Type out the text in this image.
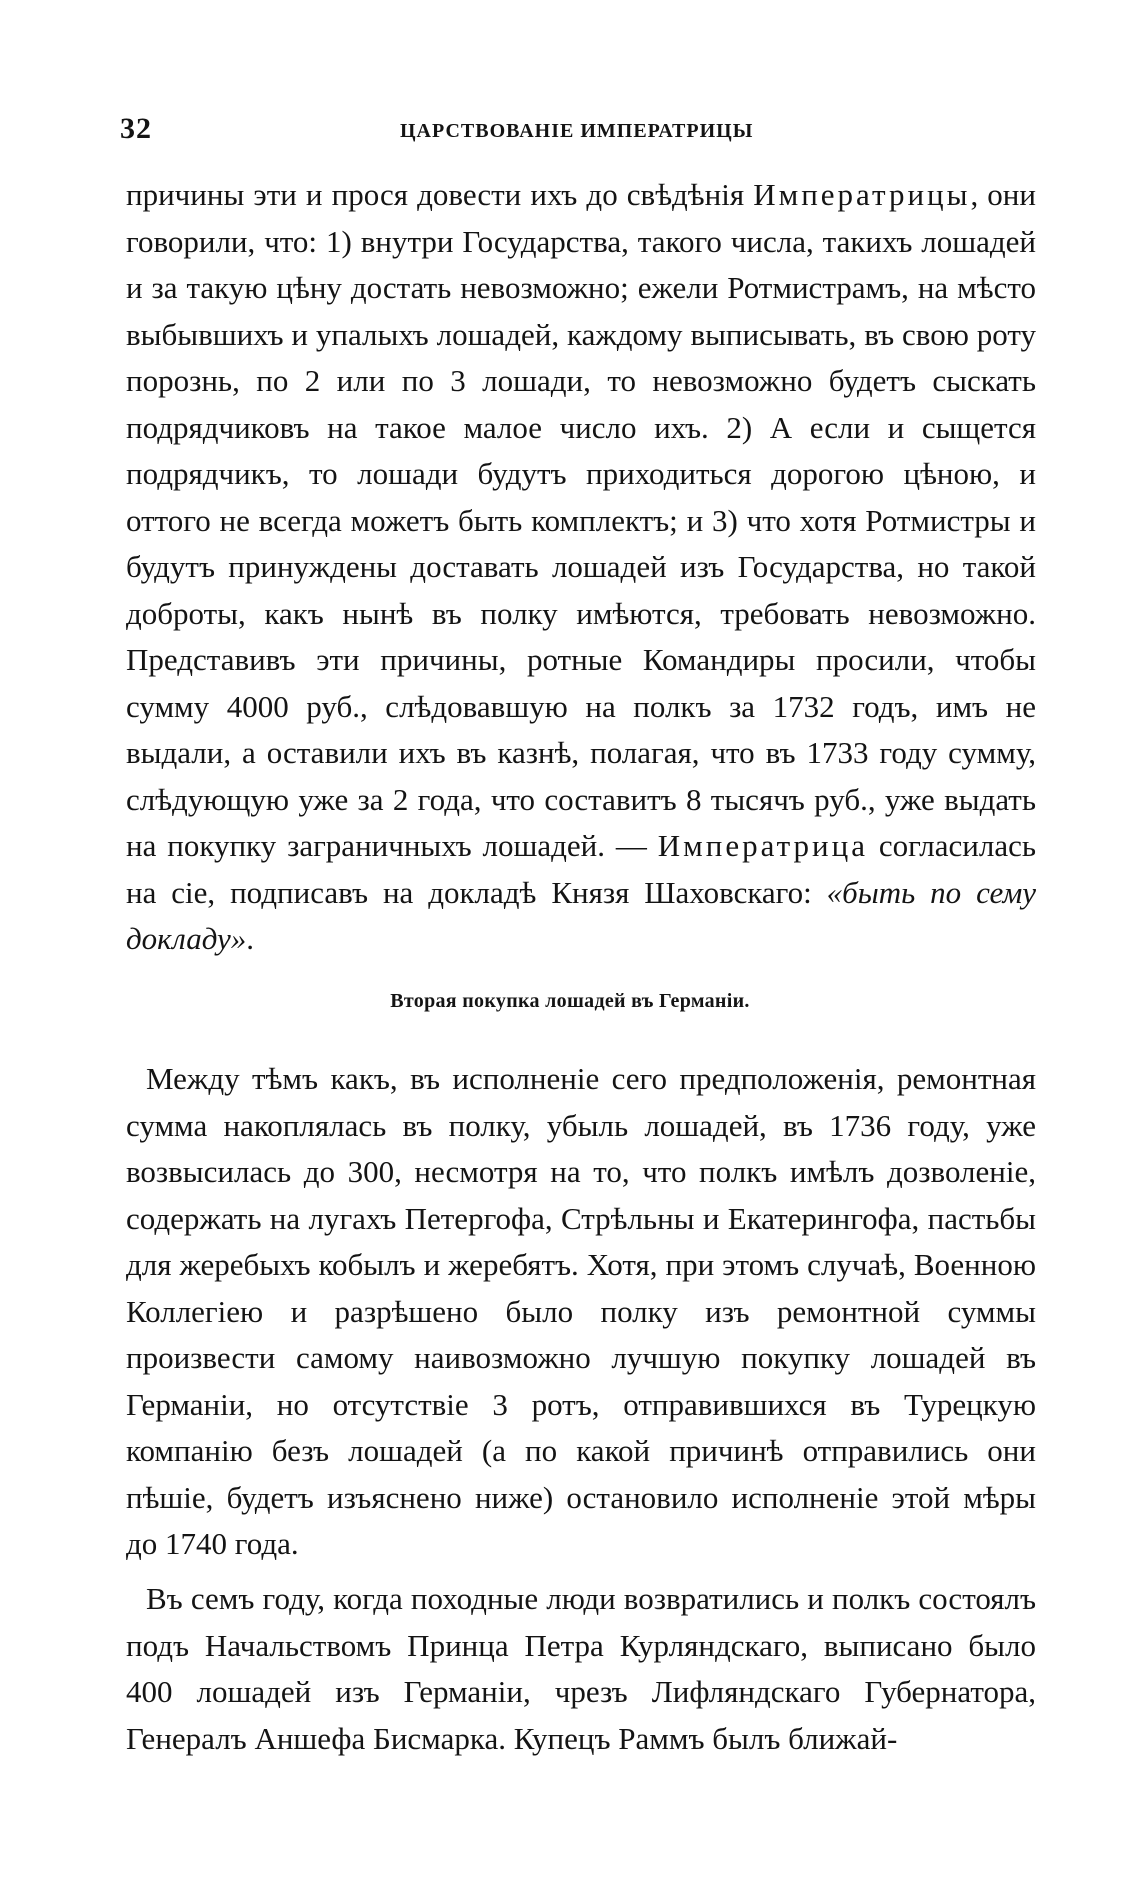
32	ЦАРСТВОВАНІЕ ИМПЕРАТРИЦЫ

причины эти и прося довести ихъ до свѣдѣнія Императрицы, они говорили, что: 1) внутри Государства, такого числа, такихъ лошадей и за такую цѣну достать невозможно; ежели Ротмистрамъ, на мѣсто выбывшихъ и упалыхъ лошадей, каждому выписывать, въ свою роту порознь, по 2 или по 3 лошади, то невозможно будетъ сыскать подрядчиковъ на такое малое число ихъ. 2) А если и сыщется подрядчикъ, то лошади будутъ приходиться дорогою цѣною, и оттого не всегда можетъ быть комплектъ; и 3) что хотя Ротмистры и будутъ принуждены доставать лошадей изъ Государства, но такой доброты, какъ нынѣ въ полку имѣются, требовать невозможно. Представивъ эти причины, ротные Командиры просили, чтобы сумму 4000 руб., слѣдовавшую на полкъ за 1732 годъ, имъ не выдали, а оставили ихъ въ казнѣ, полагая, что въ 1733 году сумму, слѣдующую уже за 2 года, что составитъ 8 тысячъ руб., уже выдать на покупку заграничныхъ лошадей. — Императрица согласилась на сіе, подписавъ на докладѣ Князя Шаховскаго: «быть по сему докладу».

Вторая покупка лошадей въ Германіи.

Между тѣмъ какъ, въ исполненіе сего предположенія, ремонтная сумма накоплялась въ полку, убыль лошадей, въ 1736 году, уже возвысилась до 300, несмотря на то, что полкъ имѣлъ дозволеніе, содержать на лугахъ Петергофа, Стрѣльны и Екатерингофа, пастьбы для жеребыхъ кобылъ и жеребятъ. Хотя, при этомъ случаѣ, Военною Коллегіею и разрѣшено было полку изъ ремонтной суммы произвести самому наивозможно лучшую покупку лошадей въ Германіи, но отсутствіе 3 ротъ, отправившихся въ Турецкую компанію безъ лошадей (а по какой причинѣ отправились они пѣшіе, будетъ изъяснено ниже) остановило исполненіе этой мѣры до 1740 года.

Въ семъ году, когда походные люди возвратились и полкъ состоялъ подъ Начальствомъ Принца Петра Курляндскаго, выписано было 400 лошадей изъ Германіи, чрезъ Лифляндскаго Губернатора, Генералъ Аншефа Бисмарка. Купецъ Раммъ былъ ближай-
